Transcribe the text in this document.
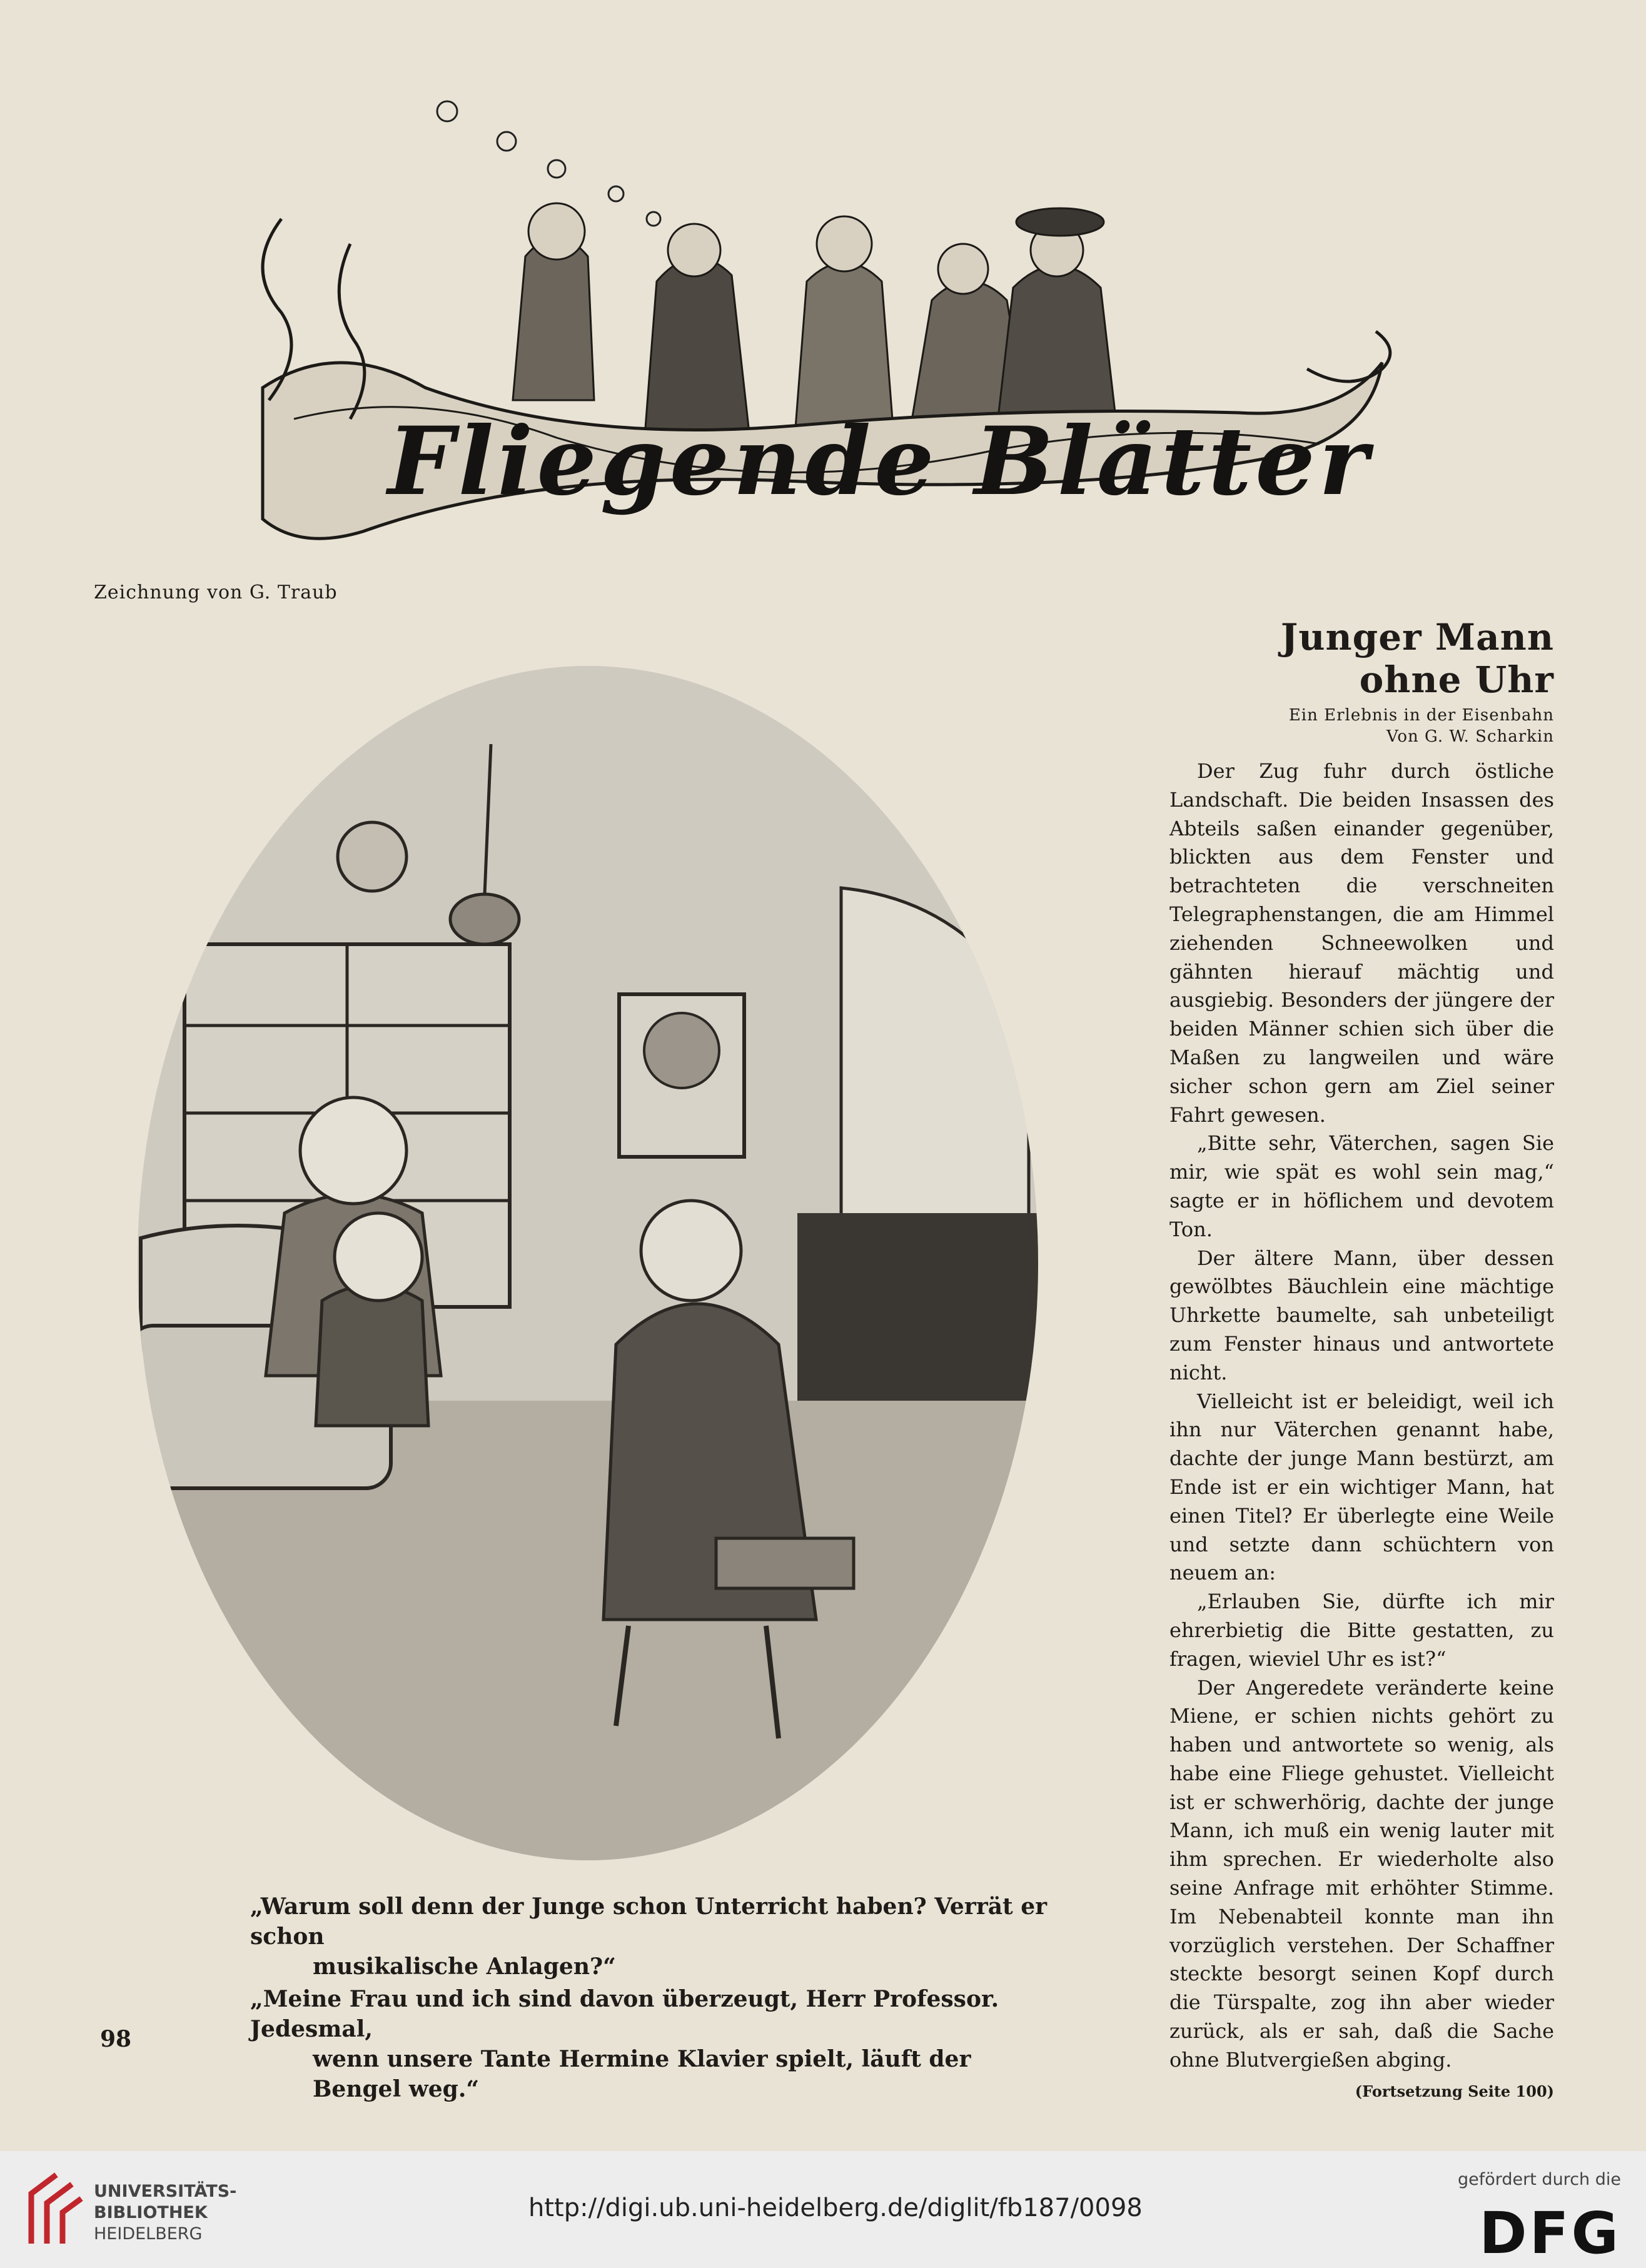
Fliegende Blätter
Zeichnung von G. Traub

„Warum soll denn der Junge schon Unterricht haben? Verrät er schon
musikalische Anlagen?“

„Meine Frau und ich sind davon überzeugt, Herr Professor. Jedesmal,
wenn unsere Tante Hermine Klavier spielt, läuft der Bengel weg.“

98
Junger Mann ohne Uhr
Ein Erlebnis in der Eisenbahn
Von G. W. Scharkin

Der Zug fuhr durch östliche Landschaft. Die beiden Insassen des Abteils saßen einander gegenüber, blickten aus dem Fenster und betrachteten die verschneiten Telegraphenstangen, die am Himmel ziehenden Schneewolken und gähnten hierauf mächtig und ausgiebig. Besonders der jüngere der beiden Männer schien sich über die Maßen zu langweilen und wäre sicher schon gern am Ziel seiner Fahrt gewesen.

„Bitte sehr, Väterchen, sagen Sie mir, wie spät es wohl sein mag,“ sagte er in höflichem und devotem Ton.

Der ältere Mann, über dessen gewölbtes Bäuchlein eine mächtige Uhrkette baumelte, sah unbeteiligt zum Fenster hinaus und antwortete nicht.

Vielleicht ist er beleidigt, weil ich ihn nur Väterchen genannt habe, dachte der junge Mann bestürzt, am Ende ist er ein wichtiger Mann, hat einen Titel? Er überlegte eine Weile und setzte dann schüchtern von neuem an:

„Erlauben Sie, dürfte ich mir ehrerbietig die Bitte gestatten, zu fragen, wieviel Uhr es ist?“

Der Angeredete veränderte keine Miene, er schien nichts gehört zu haben und antwortete so wenig, als habe eine Fliege gehustet. Vielleicht ist er schwerhörig, dachte der junge Mann, ich muß ein wenig lauter mit ihm sprechen. Er wiederholte also seine Anfrage mit erhöhter Stimme. Im Nebenabteil konnte man ihn vorzüglich verstehen. Der Schaffner steckte besorgt seinen Kopf durch die Türspalte, zog ihn aber wieder zurück, als er sah, daß die Sache ohne Blutvergießen abging.

(Fortsetzung Seite 100)
UNIVERSITÄTS-
BIBLIOTHEK
HEIDELBERG
http://digi.ub.uni-heidelberg.de/diglit/fb187/0098
gefördert durch die
DFG
